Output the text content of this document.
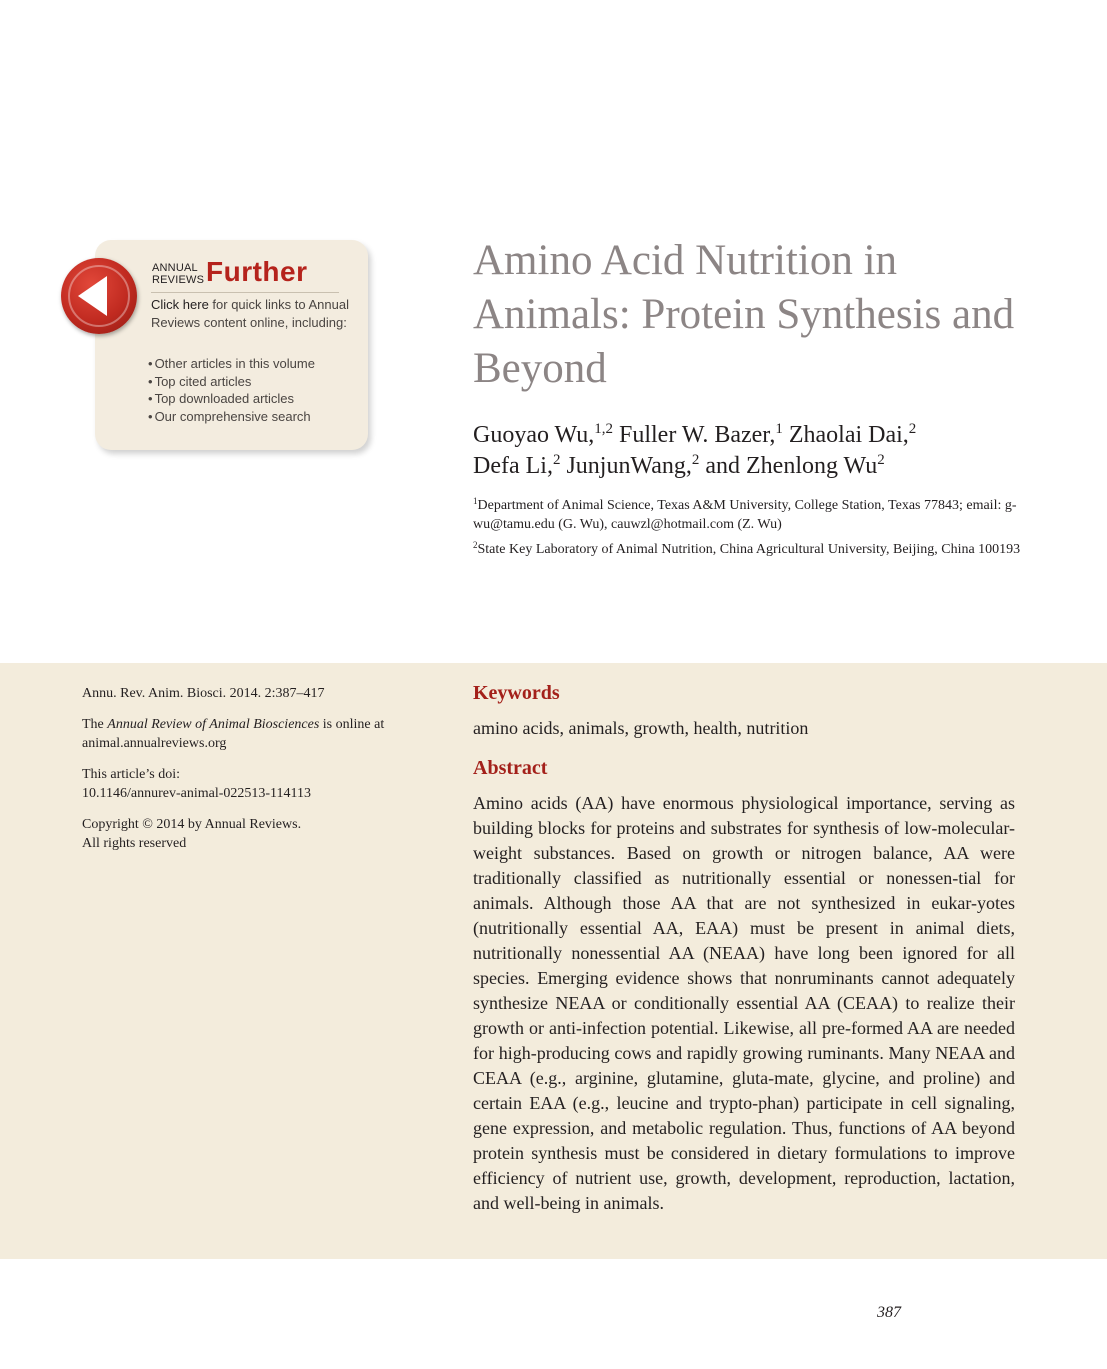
ANNUAL
REVIEWS Further
Click here for quick links to Annual Reviews content online, including:
• Other articles in this volume
• Top cited articles
• Top downloaded articles
• Our comprehensive search
Amino Acid Nutrition in Animals: Protein Synthesis and Beyond
Guoyao Wu,$^{1,2}$ Fuller W. Bazer,$^1$ Zhaolai Dai,$^2$
Defa Li,$^2$ JunjunWang,$^2$ and Zhenlong Wu$^2$
$^1$Department of Animal Science, Texas A&M University, College Station, Texas 77843; email: g-wu@tamu.edu (G. Wu), cauwzl@hotmail.com (Z. Wu)
$^2$State Key Laboratory of Animal Nutrition, China Agricultural University, Beijing, China 100193

Annu. Rev. Anim. Biosci. 2014. 2:387–417

The Annual Review of Animal Biosciences is online at animal.annualreviews.org

This article’s doi:
10.1146/annurev-animal-022513-114113

Copyright © 2014 by Annual Reviews.
All rights reserved

Keywords
amino acids, animals, growth, health, nutrition
Abstract
Amino acids (AA) have enormous physiological importance, serving as building blocks for proteins and substrates for synthesis of low-molecular-weight substances. Based on growth or nitrogen balance, AA were traditionally classified as nutritionally essential or nonessen-tial for animals. Although those AA that are not synthesized in eukar-yotes (nutritionally essential AA, EAA) must be present in animal diets, nutritionally nonessential AA (NEAA) have long been ignored for all species. Emerging evidence shows that nonruminants cannot adequately synthesize NEAA or conditionally essential AA (CEAA) to realize their growth or anti-infection potential. Likewise, all pre-formed AA are needed for high-producing cows and rapidly growing ruminants. Many NEAA and CEAA (e.g., arginine, glutamine, gluta-mate, glycine, and proline) and certain EAA (e.g., leucine and trypto-phan) participate in cell signaling, gene expression, and metabolic regulation. Thus, functions of AA beyond protein synthesis must be considered in dietary formulations to improve efficiency of nutrient use, growth, development, reproduction, lactation, and well-being in animals.
387
